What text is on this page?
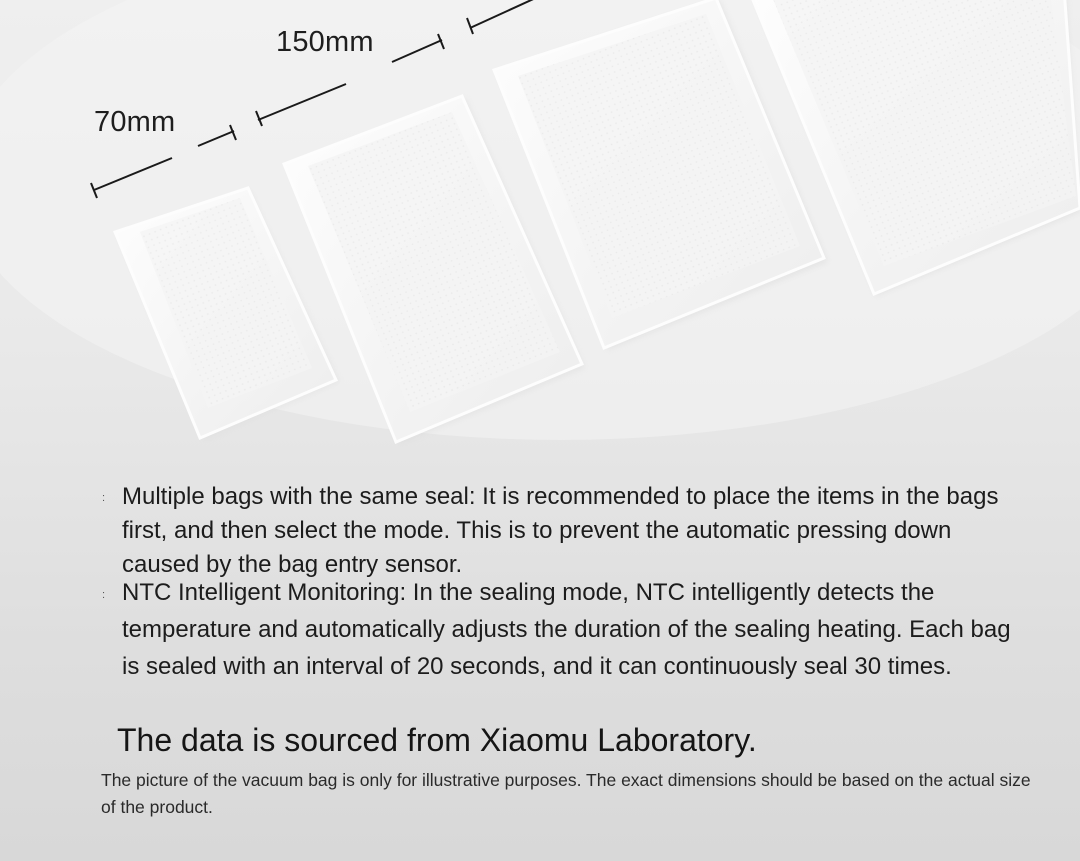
150mm
70mm
: Multiple bags with the same seal: It is recommended to place the items in the bags first, and then select the mode. This is to prevent the automatic pressing down caused by the bag entry sensor.
: NTC Intelligent Monitoring: In the sealing mode, NTC intelligently detects the temperature and automatically adjusts the duration of the sealing heating. Each bag is sealed with an interval of 20 seconds, and it can continuously seal 30 times.
The data is sourced from Xiaomu Laboratory.
The picture of the vacuum bag is only for illustrative purposes. The exact dimensions should be based on the actual size of the product.
